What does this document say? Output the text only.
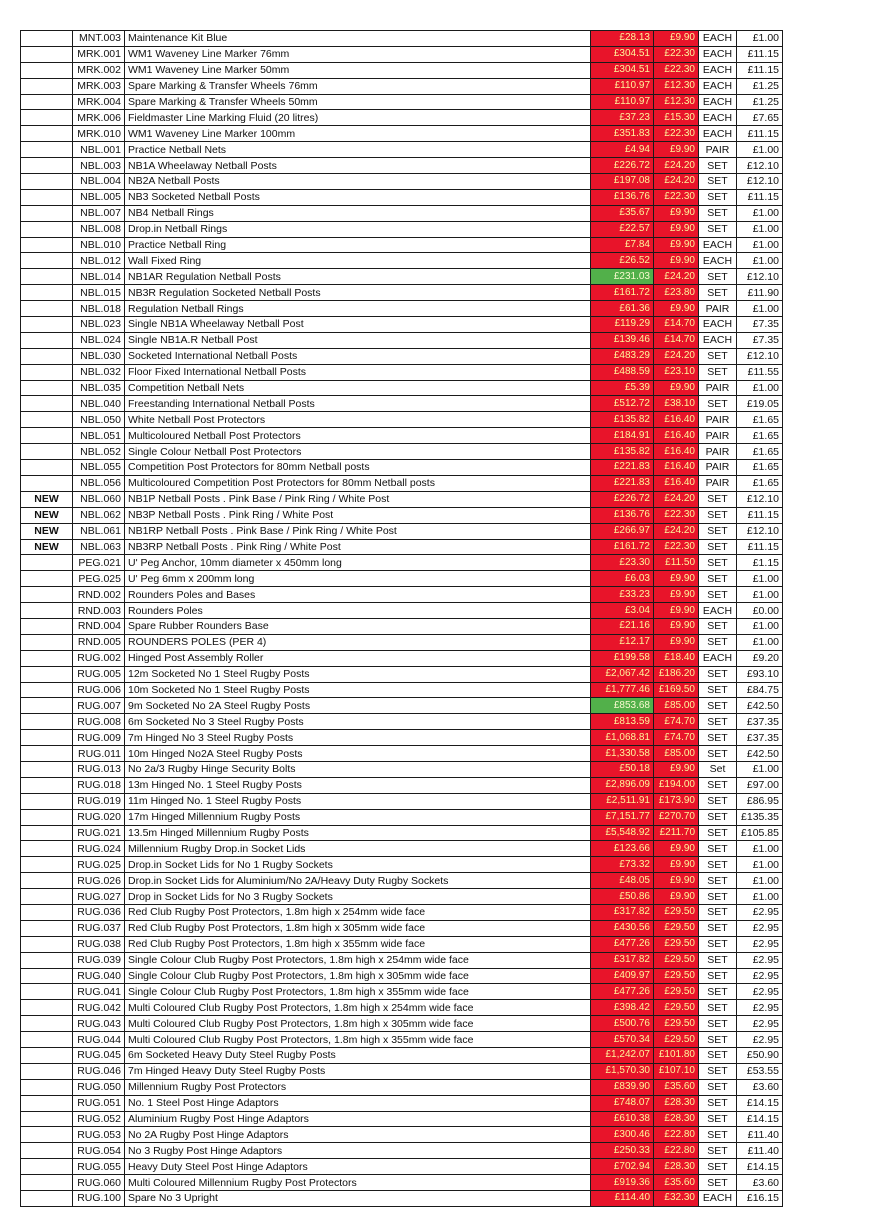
	MNT.003	Maintenance Kit Blue	£28.13	£9.90	EACH	£1.00
	MRK.001	WM1 Waveney Line Marker 76mm	£304.51	£22.30	EACH	£11.15
	MRK.002	WM1 Waveney Line Marker 50mm	£304.51	£22.30	EACH	£11.15
	MRK.003	Spare Marking & Transfer Wheels 76mm	£110.97	£12.30	EACH	£1.25
	MRK.004	Spare Marking & Transfer Wheels 50mm	£110.97	£12.30	EACH	£1.25
	MRK.006	Fieldmaster Line Marking Fluid (20 litres)	£37.23	£15.30	EACH	£7.65
	MRK.010	WM1 Waveney Line Marker 100mm	£351.83	£22.30	EACH	£11.15
	NBL.001	Practice Netball Nets	£4.94	£9.90	PAIR	£1.00
	NBL.003	NB1A Wheelaway Netball Posts	£226.72	£24.20	SET	£12.10
	NBL.004	NB2A Netball Posts	£197.08	£24.20	SET	£12.10
	NBL.005	NB3 Socketed Netball Posts	£136.76	£22.30	SET	£11.15
	NBL.007	NB4 Netball Rings	£35.67	£9.90	SET	£1.00
	NBL.008	Drop.in Netball Rings	£22.57	£9.90	SET	£1.00
	NBL.010	Practice Netball Ring	£7.84	£9.90	EACH	£1.00
	NBL.012	Wall Fixed Ring	£26.52	£9.90	EACH	£1.00
	NBL.014	NB1AR Regulation Netball Posts	£231.03	£24.20	SET	£12.10
	NBL.015	NB3R Regulation Socketed Netball Posts	£161.72	£23.80	SET	£11.90
	NBL.018	Regulation Netball Rings	£61.36	£9.90	PAIR	£1.00
	NBL.023	Single NB1A Wheelaway Netball Post	£119.29	£14.70	EACH	£7.35
	NBL.024	Single NB1A.R Netball Post	£139.46	£14.70	EACH	£7.35
	NBL.030	Socketed International Netball Posts	£483.29	£24.20	SET	£12.10
	NBL.032	Floor Fixed International Netball Posts	£488.59	£23.10	SET	£11.55
	NBL.035	Competition Netball Nets	£5.39	£9.90	PAIR	£1.00
	NBL.040	Freestanding International Netball Posts	£512.72	£38.10	SET	£19.05
	NBL.050	White Netball Post Protectors	£135.82	£16.40	PAIR	£1.65
	NBL.051	Multicoloured Netball Post Protectors	£184.91	£16.40	PAIR	£1.65
	NBL.052	Single Colour Netball Post Protectors	£135.82	£16.40	PAIR	£1.65
	NBL.055	Competition Post Protectors for 80mm Netball posts	£221.83	£16.40	PAIR	£1.65
	NBL.056	Multicoloured Competition Post Protectors for 80mm Netball posts	£221.83	£16.40	PAIR	£1.65
NEW	NBL.060	NB1P Netball Posts . Pink Base / Pink Ring / White Post	£226.72	£24.20	SET	£12.10
NEW	NBL.062	NB3P Netball Posts . Pink Ring / White Post	£136.76	£22.30	SET	£11.15
NEW	NBL.061	NB1RP Netball Posts . Pink Base / Pink Ring / White Post	£266.97	£24.20	SET	£12.10
NEW	NBL.063	NB3RP Netball Posts . Pink Ring / White Post	£161.72	£22.30	SET	£11.15
	PEG.021	U' Peg Anchor, 10mm diameter x 450mm long	£23.30	£11.50	SET	£1.15
	PEG.025	U' Peg 6mm x 200mm long	£6.03	£9.90	SET	£1.00
	RND.002	Rounders Poles and Bases	£33.23	£9.90	SET	£1.00
	RND.003	Rounders Poles	£3.04	£9.90	EACH	£0.00
	RND.004	Spare Rubber Rounders Base	£21.16	£9.90	SET	£1.00
	RND.005	ROUNDERS POLES (PER 4)	£12.17	£9.90	SET	£1.00
	RUG.002	Hinged Post Assembly Roller	£199.58	£18.40	EACH	£9.20
	RUG.005	12m Socketed No 1 Steel Rugby Posts	£2,067.42	£186.20	SET	£93.10
	RUG.006	10m Socketed No 1 Steel Rugby Posts	£1,777.46	£169.50	SET	£84.75
	RUG.007	9m Socketed No 2A Steel Rugby Posts	£853.68	£85.00	SET	£42.50
	RUG.008	6m Socketed No 3 Steel Rugby Posts	£813.59	£74.70	SET	£37.35
	RUG.009	7m Hinged No 3 Steel Rugby Posts	£1,068.81	£74.70	SET	£37.35
	RUG.011	10m Hinged No2A Steel Rugby Posts	£1,330.58	£85.00	SET	£42.50
	RUG.013	No 2a/3 Rugby Hinge Security Bolts	£50.18	£9.90	Set	£1.00
	RUG.018	13m Hinged No. 1 Steel Rugby Posts	£2,896.09	£194.00	SET	£97.00
	RUG.019	11m Hinged No. 1 Steel Rugby Posts	£2,511.91	£173.90	SET	£86.95
	RUG.020	17m Hinged Millennium Rugby Posts	£7,151.77	£270.70	SET	£135.35
	RUG.021	13.5m Hinged Millennium Rugby Posts	£5,548.92	£211.70	SET	£105.85
	RUG.024	Millennium Rugby Drop.in Socket Lids	£123.66	£9.90	SET	£1.00
	RUG.025	Drop.in Socket Lids for No 1 Rugby Sockets	£73.32	£9.90	SET	£1.00
	RUG.026	Drop.in Socket Lids for Aluminium/No 2A/Heavy Duty Rugby Sockets	£48.05	£9.90	SET	£1.00
	RUG.027	Drop in Socket Lids for No 3 Rugby Sockets	£50.86	£9.90	SET	£1.00
	RUG.036	Red Club Rugby Post Protectors, 1.8m high x 254mm wide face	£317.82	£29.50	SET	£2.95
	RUG.037	Red Club Rugby Post Protectors, 1.8m high x 305mm wide face	£430.56	£29.50	SET	£2.95
	RUG.038	Red Club Rugby Post Protectors, 1.8m high x 355mm wide face	£477.26	£29.50	SET	£2.95
	RUG.039	Single Colour Club Rugby Post Protectors, 1.8m high x 254mm wide face	£317.82	£29.50	SET	£2.95
	RUG.040	Single Colour Club Rugby Post Protectors, 1.8m high x 305mm wide face	£409.97	£29.50	SET	£2.95
	RUG.041	Single Colour Club Rugby Post Protectors, 1.8m high x 355mm wide face	£477.26	£29.50	SET	£2.95
	RUG.042	Multi Coloured Club Rugby Post Protectors, 1.8m high x 254mm wide face	£398.42	£29.50	SET	£2.95
	RUG.043	Multi Coloured Club Rugby Post Protectors, 1.8m high x 305mm wide face	£500.76	£29.50	SET	£2.95
	RUG.044	Multi Coloured Club Rugby Post Protectors, 1.8m high x 355mm wide face	£570.34	£29.50	SET	£2.95
	RUG.045	6m Socketed Heavy Duty Steel Rugby Posts	£1,242.07	£101.80	SET	£50.90
	RUG.046	7m Hinged Heavy Duty Steel Rugby Posts	£1,570.30	£107.10	SET	£53.55
	RUG.050	Millennium Rugby Post Protectors	£839.90	£35.60	SET	£3.60
	RUG.051	No. 1 Steel Post Hinge Adaptors	£748.07	£28.30	SET	£14.15
	RUG.052	Aluminium Rugby Post Hinge Adaptors	£610.38	£28.30	SET	£14.15
	RUG.053	No 2A Rugby Post Hinge Adaptors	£300.46	£22.80	SET	£11.40
	RUG.054	No 3 Rugby Post Hinge Adaptors	£250.33	£22.80	SET	£11.40
	RUG.055	Heavy Duty Steel Post Hinge Adaptors	£702.94	£28.30	SET	£14.15
	RUG.060	Multi Coloured Millennium Rugby Post Protectors	£919.36	£35.60	SET	£3.60
	RUG.100	Spare No 3 Upright	£114.40	£32.30	EACH	£16.15
